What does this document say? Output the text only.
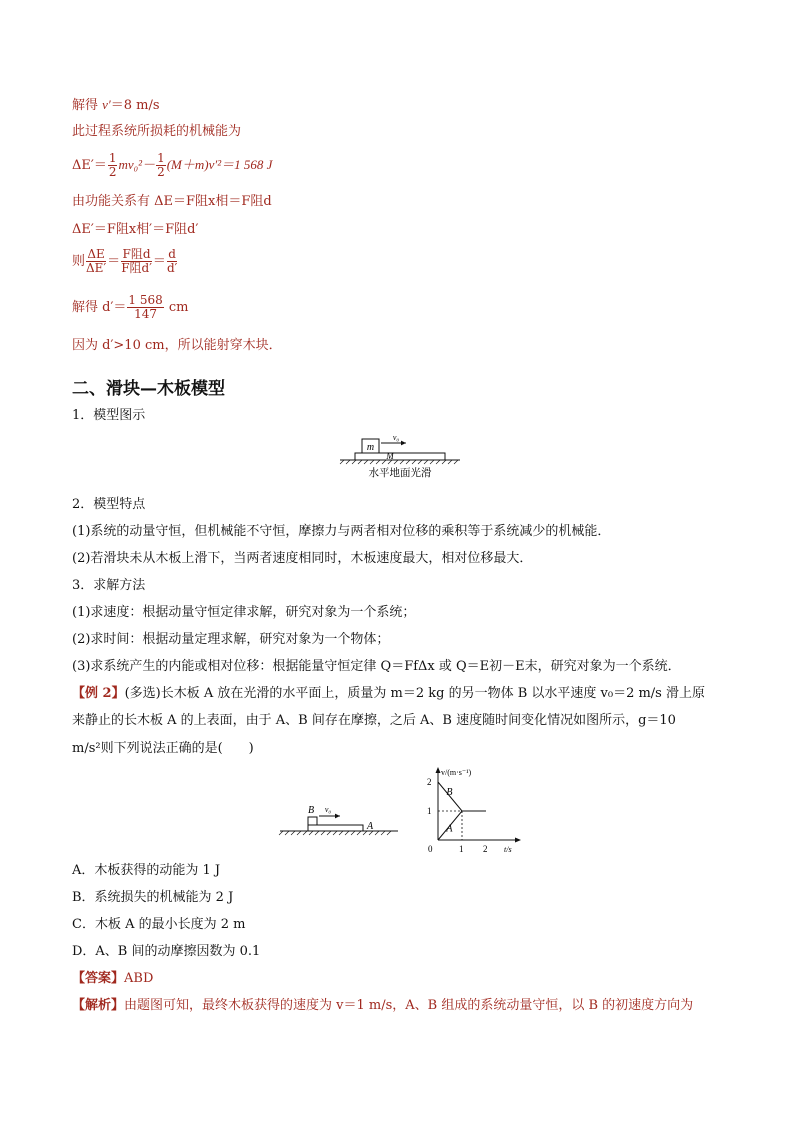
解得 v′＝8 m/s
此过程系统所损耗的机械能为
$\Delta E'= \frac{1}{2} mv_0^2- \frac{1}{2} (M+m)v'^2=1$ 568 J
由功能关系有 ΔE＝F阻x相＝F阻d
ΔE′＝F阻x相′＝F阻d′
则 $\frac{\Delta E}{\Delta E'} = \frac{\text{F阻d}}{\text{F阻d′}} = \frac{d}{d'}$
解得 $d'= \frac{1 568}{147}$ cm
因为 d′>10 cm，所以能射穿木块．
二、滑块—木板模型
1．模型图示
m
v₀
M
水平地面光滑
2．模型特点
(1)系统的动量守恒，但机械能不守恒，摩擦力与两者相对位移的乘积等于系统减少的机械能．
(2)若滑块未从木板上滑下，当两者速度相同时，木板速度最大，相对位移最大．
3．求解方法
(1)求速度：根据动量守恒定律求解，研究对象为一个系统；
(2)求时间：根据动量定理求解，研究对象为一个物体；
(3)求系统产生的内能或相对位移：根据能量守恒定律 Q＝FfΔx 或 Q＝E初－E末，研究对象为一个系统．
【例 2】(多选)长木板 A 放在光滑的水平面上，质量为 m＝2 kg 的另一物体 B 以水平速度 v₀＝2 m/s 滑上原
来静止的长木板 A 的上表面，由于 A、B 间存在摩擦，之后 A、B 速度随时间变化情况如图所示，g＝10
m/s²则下列说法正确的是(　　)
B v₀
A
v/(m·s⁻¹)
t/s
0	1 2
1
2
B
A
A．木板获得的动能为 1 J
B．系统损失的机械能为 2 J
C．木板 A 的最小长度为 2 m
D．A、B 间的动摩擦因数为 0.1
【答案】ABD
【解析】由题图可知，最终木板获得的速度为 v＝1 m/s，A、B 组成的系统动量守恒，以 B 的初速度方向为
